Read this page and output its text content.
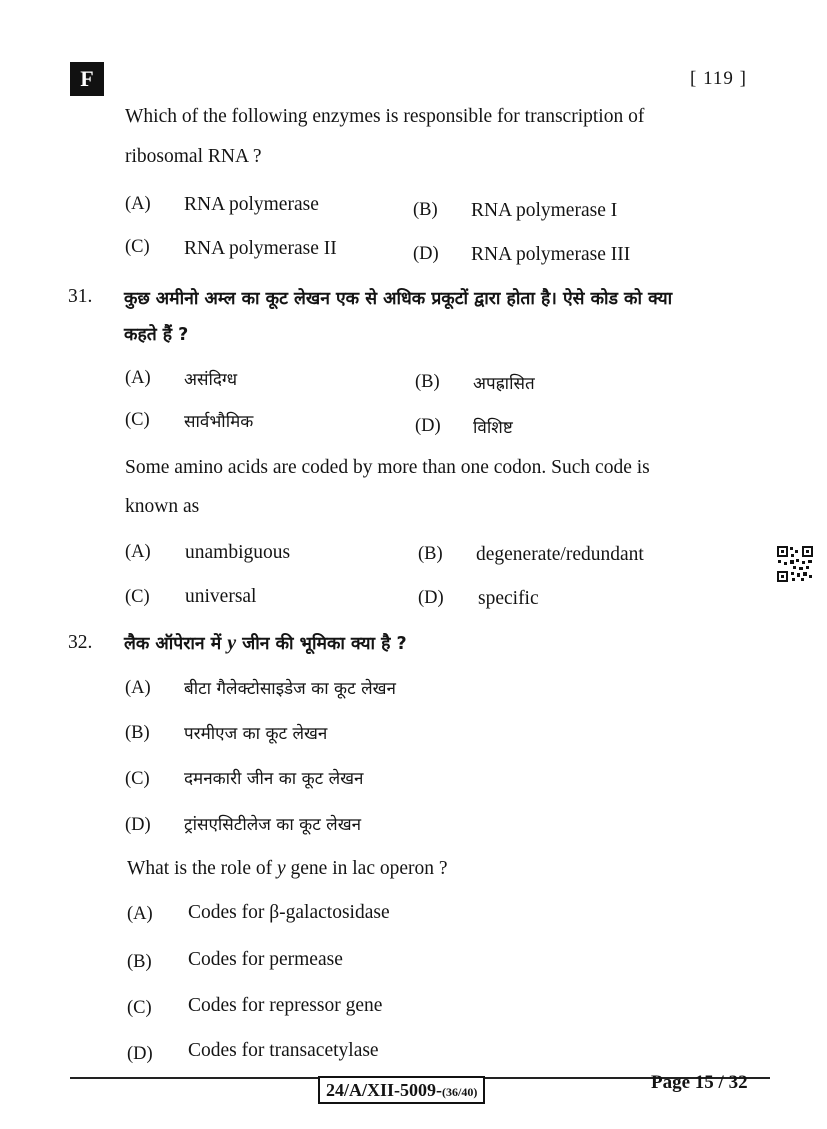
F	[ 119 ]
Which of the following enzymes is responsible for transcription of
ribosomal RNA ?
(A) RNA polymerase	(B) RNA polymerase I
(C) RNA polymerase II	(D) RNA polymerase III
31. कुछ अमीनो अम्ल का कूट लेखन एक से अधिक प्रकूटों द्वारा होता है। ऐसे कोड को क्या
कहते हैं ?
(A) असंदिग्ध	(B) अपह्रासित
(C) सार्वभौमिक	(D) विशिष्ट
Some amino acids are coded by more than one codon. Such code is
known as
(A) unambiguous	(B) degenerate/redundant
(C) universal	(D) specific
32. लैक ऑपेरान में y जीन की भूमिका क्या है ?
(A) बीटा गैलेक्टोसाइडेज का कूट लेखन
(B) परमीएज का कूट लेखन
(C) दमनकारी जीन का कूट लेखन
(D) ट्रांसएसिटीलेज का कूट लेखन
What is the role of y gene in lac operon ?
(A) Codes for β-galactosidase
(B) Codes for permease
(C) Codes for repressor gene
(D) Codes for transacetylase
24/A/XII-5009-(36/40)	Page 15 / 32
